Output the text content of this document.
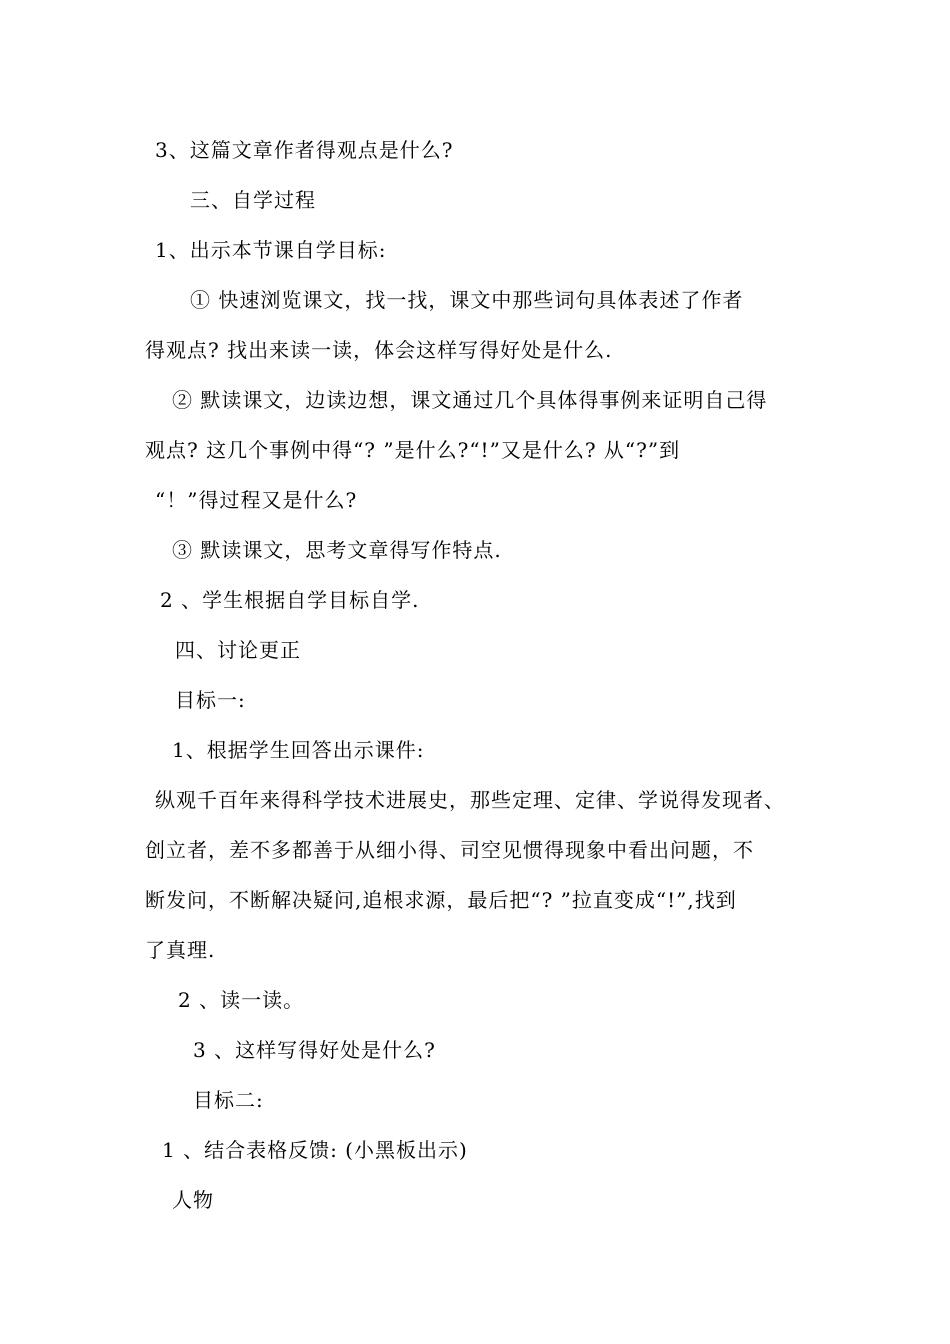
3、这篇文章作者得观点是什么?
三、自学过程
1、出示本节课自学目标:
① 快速浏览课文，找一找，课文中那些词句具体表述了作者
得观点? 找出来读一读，体会这样写得好处是什么.
② 默读课文，边读边想，课文通过几个具体得事例来证明自己得
观点? 这几个事例中得“? ”是什么?“!”又是什么? 从“?”到
“！”得过程又是什么?
③ 默读课文，思考文章得写作特点.
2 、学生根据自学目标自学.
四、讨论更正
目标一:
1、根据学生回答出示课件:
纵观千百年来得科学技术进展史，那些定理、定律、学说得发现者、
创立者，差不多都善于从细小得、司空见惯得现象中看出问题，不
断发问，不断解决疑问,追根求源，最后把“? ”拉直变成“!”,找到
了真理.
2 、读一读。
3 、这样写得好处是什么?
目标二:
1 、结合表格反馈: (小黑板出示)
人物
